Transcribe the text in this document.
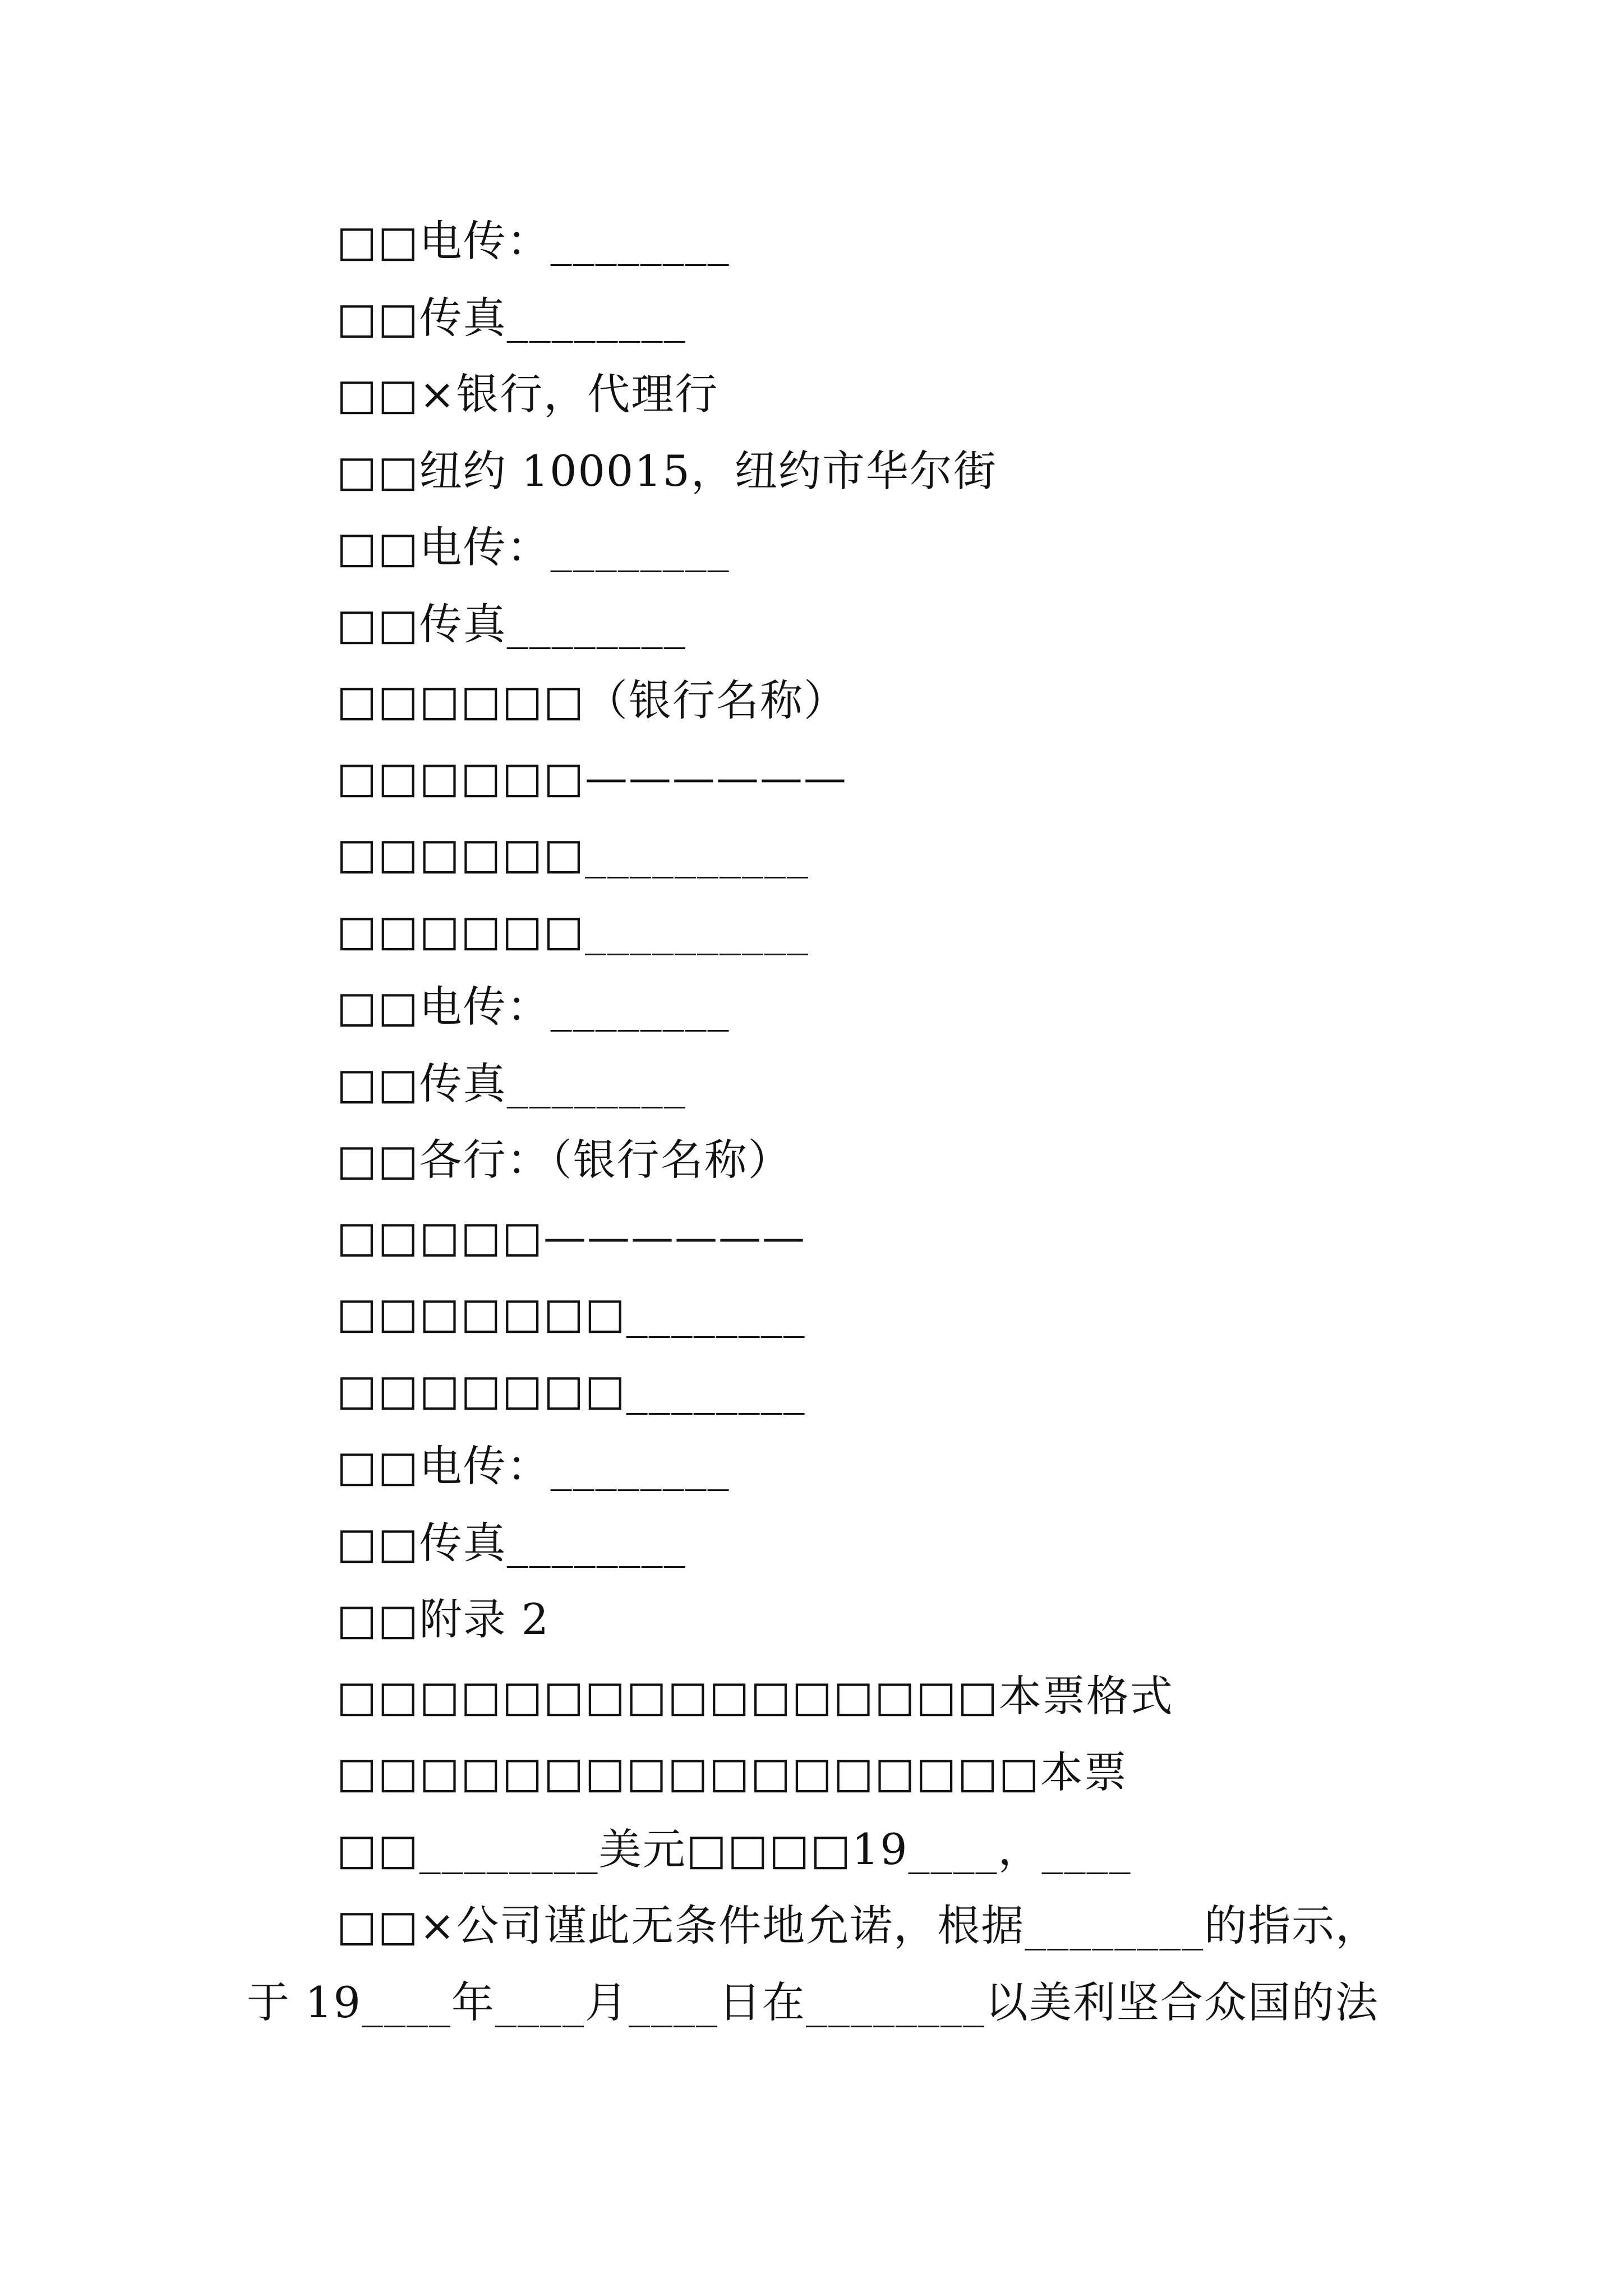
□□电传：________
□□传真________
□□×银行，代理行
□□纽约 100015，纽约市华尔街
□□电传：________
□□传真________
□□□□□□（银行名称）
□□□□□□——————
□□□□□□__________
□□□□□□__________
□□电传：________
□□传真________
□□各行：（银行名称）
□□□□□——————
□□□□□□□________
□□□□□□□________
□□电传：________
□□传真________
□□附录 2
□□□□□□□□□□□□□□□□本票格式
□□□□□□□□□□□□□□□□□本票
□□________美元□□□□19____，____
□□×公司谨此无条件地允诺，根据________的指示，
于 19____年____月____日在________以美利坚合众国的法
